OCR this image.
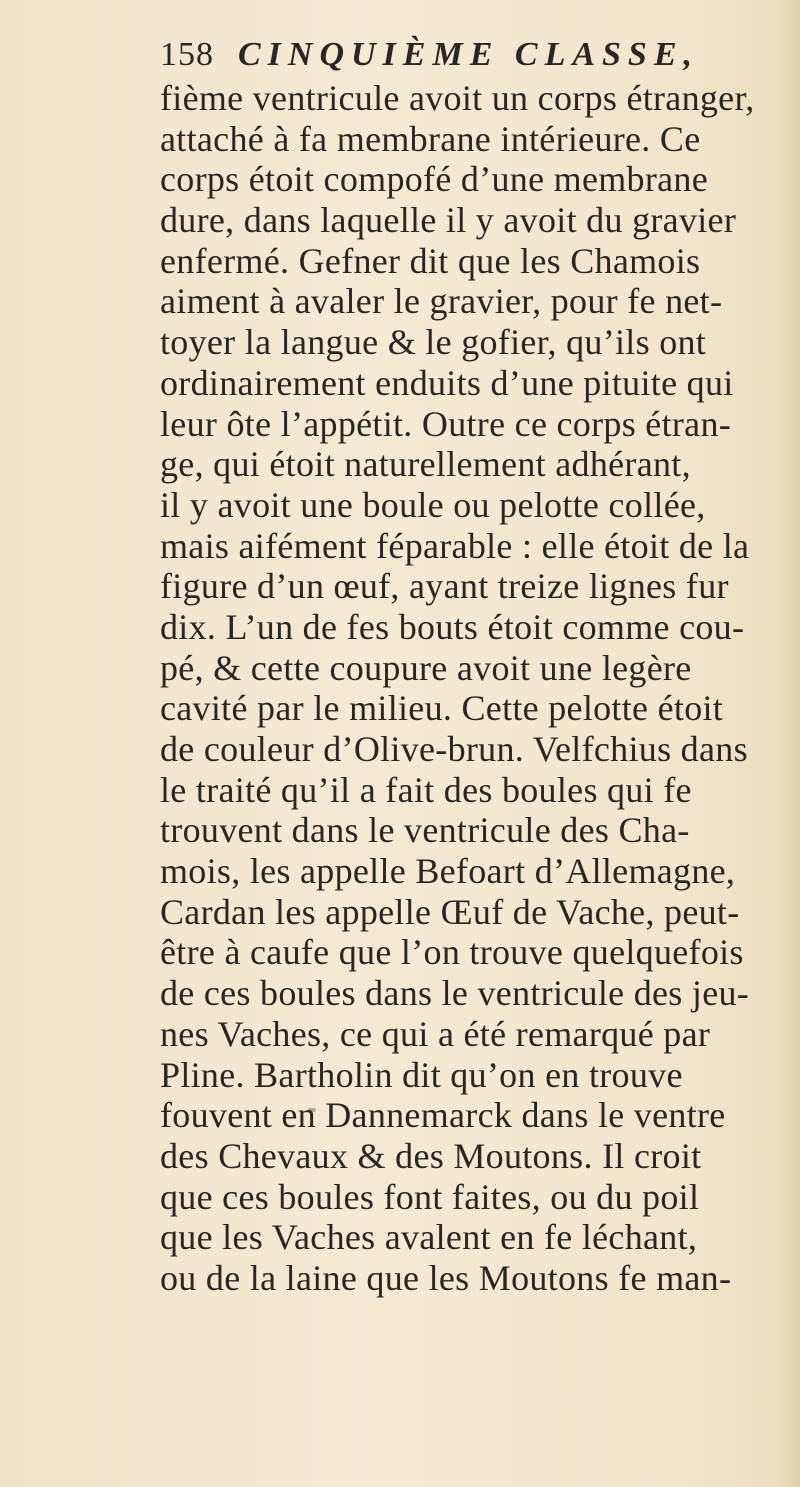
158 CINQUIÈME CLASSE,
fième ventricule avoit un corps étranger,
attaché à fa membrane intérieure. Ce
corps étoit compofé d’une membrane
dure, dans laquelle il y avoit du gravier
enfermé. Gefner dit que les Chamois
aiment à avaler le gravier, pour fe net-
toyer la langue & le gofier, qu’ils ont
ordinairement enduits d’une pituite qui
leur ôte l’appétit. Outre ce corps étran-
ge, qui étoit naturellement adhérant,
il y avoit une boule ou pelotte collée,
mais aifément féparable : elle étoit de la
figure d’un œuf, ayant treize lignes fur
dix. L’un de fes bouts étoit comme cou-
pé, & cette coupure avoit une legère
cavité par le milieu. Cette pelotte étoit
de couleur d’Olive-brun. Velfchius dans
le traité qu’il a fait des boules qui fe
trouvent dans le ventricule des Cha-
mois, les appelle Befoart d’Allemagne,
Cardan les appelle Œuf de Vache, peut-
être à caufe que l’on trouve quelquefois
de ces boules dans le ventricule des jeu-
nes Vaches, ce qui a été remarqué par
Pline. Bartholin dit qu’on en trouve
fouvent en Dannemarck dans le ventre
des Chevaux & des Moutons. Il croit
que ces boules font faites, ou du poil
que les Vaches avalent en fe léchant,
ou de la laine que les Moutons fe man-
